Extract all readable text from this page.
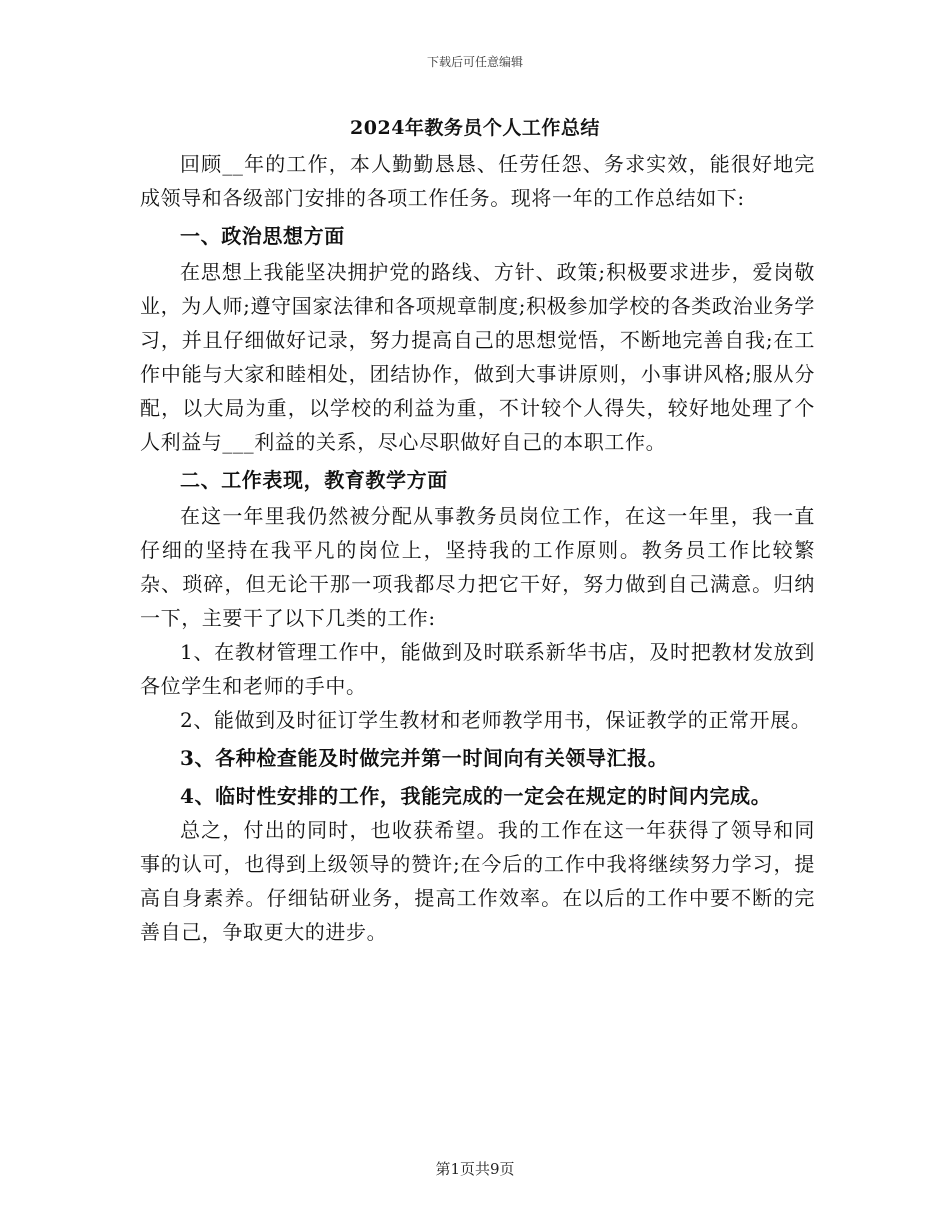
下载后可任意编辑
2024年教务员个人工作总结

回顾__年的工作，本人勤勤恳恳、任劳任怨、务求实效，能很好地完成领导和各级部门安排的各项工作任务。现将一年的工作总结如下:

一、政治思想方面

在思想上我能坚决拥护党的路线、方针、政策;积极要求进步，爱岗敬业，为人师;遵守国家法律和各项规章制度;积极参加学校的各类政治业务学习，并且仔细做好记录，努力提高自己的思想觉悟，不断地完善自我;在工作中能与大家和睦相处，团结协作，做到大事讲原则，小事讲风格;服从分配，以大局为重，以学校的利益为重，不计较个人得失，较好地处理了个人利益与___利益的关系，尽心尽职做好自己的本职工作。

二、工作表现，教育教学方面

在这一年里我仍然被分配从事教务员岗位工作，在这一年里，我一直仔细的坚持在我平凡的岗位上，坚持我的工作原则。教务员工作比较繁杂、琐碎，但无论干那一项我都尽力把它干好，努力做到自己满意。归纳一下，主要干了以下几类的工作:

1、在教材管理工作中，能做到及时联系新华书店，及时把教材发放到各位学生和老师的手中。

2、能做到及时征订学生教材和老师教学用书，保证教学的正常开展。

3、各种检查能及时做完并第一时间向有关领导汇报。

4、临时性安排的工作，我能完成的一定会在规定的时间内完成。

总之，付出的同时，也收获希望。我的工作在这一年获得了领导和同事的认可，也得到上级领导的赞许;在今后的工作中我将继续努力学习，提高自身素养。仔细钻研业务，提高工作效率。在以后的工作中要不断的完善自己，争取更大的进步。

第1页共9页
